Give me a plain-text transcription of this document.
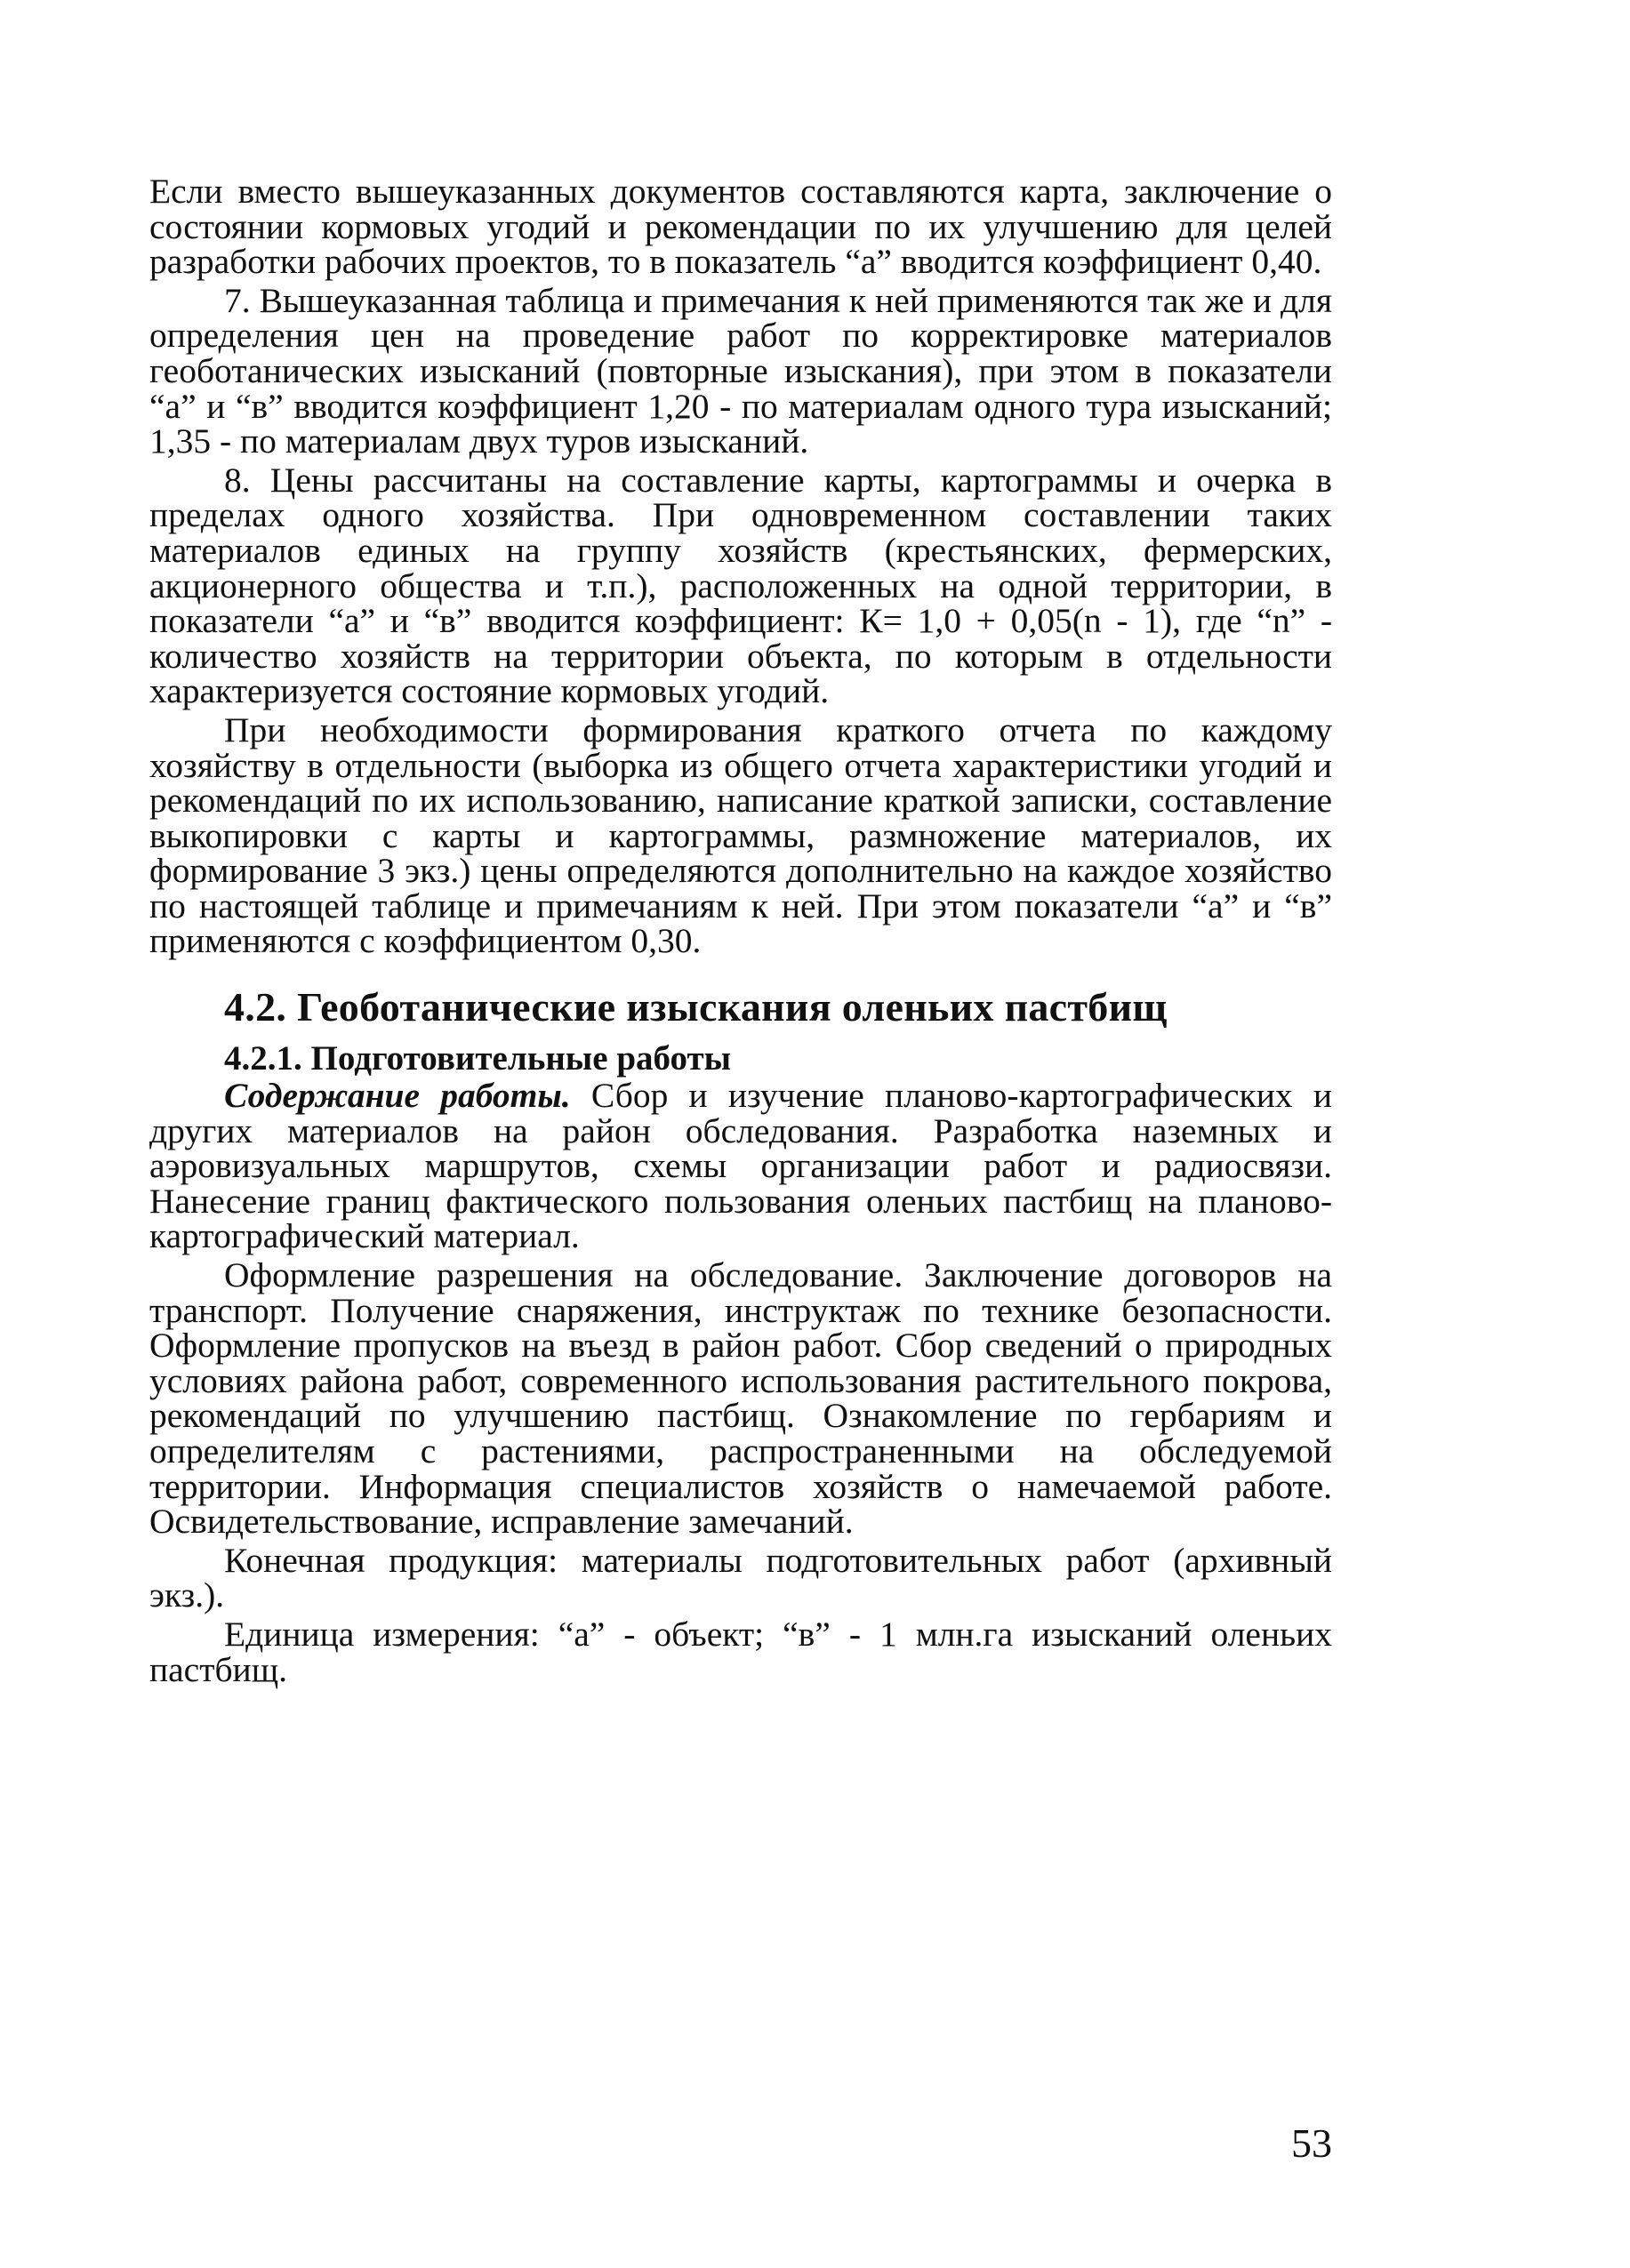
Если вместо вышеуказанных документов составляются карта, заключение о состоянии кормовых угодий и рекомендации по их улучшению для целей разработки рабочих проектов, то в показатель “а” вводится коэффициент 0,40.

7. Вышеуказанная таблица и примечания к ней применяются так же и для определения цен на проведение работ по корректировке материалов геоботанических изысканий (повторные изыскания), при этом в показатели “а” и “в” вводится коэффициент 1,20 - по материалам одного тура изысканий; 1,35 - по материалам двух туров изысканий.

8. Цены рассчитаны на составление карты, картограммы и очерка в пределах одного хозяйства. При одновременном составлении таких материалов единых на группу хозяйств (крестьянских, фермерских, акционерного общества и т.п.), расположенных на одной территории, в показатели “а” и “в” вводится коэффициент: К= 1,0 + 0,05(n - 1), где “n” - количество хозяйств на территории объекта, по которым в отдельности характеризуется состояние кормовых угодий.

При необходимости формирования краткого отчета по каждому хозяйству в отдельности (выборка из общего отчета характеристики угодий и рекомендаций по их использованию, написание краткой записки, составление выкопировки с карты и картограммы, размножение материалов, их формирование 3 экз.) цены определяются дополнительно на каждое хозяйство по настоящей таблице и примечаниям к ней. При этом показатели “а” и “в” применяются с коэффициентом 0,30.

4.2. Геоботанические изыскания оленьих пастбищ
4.2.1. Подготовительные работы

Содержание работы. Сбор и изучение планово-картографических и других материалов на район обследования. Разработка наземных и аэровизуальных маршрутов, схемы организации работ и радиосвязи. Нанесение границ фактического пользования оленьих пастбищ на планово-картографический материал.

Оформление разрешения на обследование. Заключение договоров на транспорт. Получение снаряжения, инструктаж по технике безопасности. Оформление пропусков на въезд в район работ. Сбор сведений о природных условиях района работ, современного использования растительного покрова, рекомендаций по улучшению пастбищ. Ознакомление по гербариям и определителям с растениями, распространенными на обследуемой территории. Информация специалистов хозяйств о намечаемой работе. Освидетельствование, исправление замечаний.

Конечная продукция: материалы подготовительных работ (архивный экз.).

Единица измерения: “а” - объект; “в” - 1 млн.га изысканий оленьих пастбищ.

53
